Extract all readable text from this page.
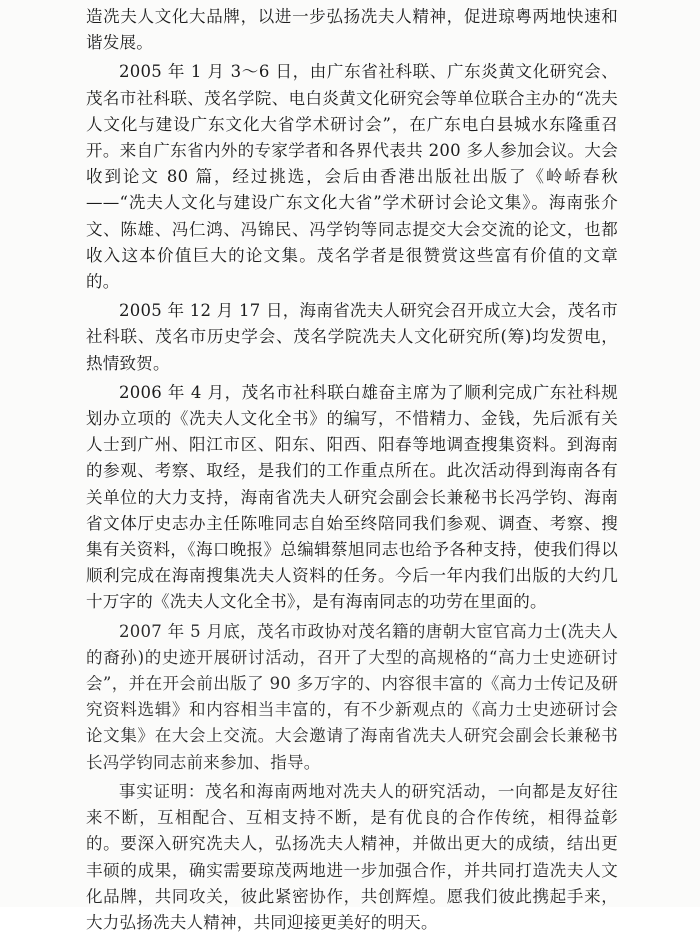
造冼夫人文化大品牌，以进一步弘扬冼夫人精神，促进琼粤两地快速和谐发展。

2005 年 1 月 3～6 日，由广东省社科联、广东炎黄文化研究会、茂名市社科联、茂名学院、电白炎黄文化研究会等单位联合主办的“冼夫人文化与建设广东文化大省学术研讨会”，在广东电白县城水东隆重召开。来自广东省内外的专家学者和各界代表共 200 多人参加会议。大会收到论文 80 篇，经过挑选，会后由香港出版社出版了《岭峤春秋——“冼夫人文化与建设广东文化大省”学术研讨会论文集》。海南张介文、陈雄、冯仁鸿、冯锦民、冯学钧等同志提交大会交流的论文，也都收入这本价值巨大的论文集。茂名学者是很赞赏这些富有价值的文章的。

2005 年 12 月 17 日，海南省冼夫人研究会召开成立大会，茂名市社科联、茂名市历史学会、茂名学院冼夫人文化研究所(筹)均发贺电，热情致贺。

2006 年 4 月，茂名市社科联白雄奋主席为了顺利完成广东社科规划办立项的《冼夫人文化全书》的编写，不惜精力、金钱，先后派有关人士到广州、阳江市区、阳东、阳西、阳春等地调查搜集资料。到海南的参观、考察、取经，是我们的工作重点所在。此次活动得到海南各有关单位的大力支持，海南省冼夫人研究会副会长兼秘书长冯学钧、海南省文体厅史志办主任陈唯同志自始至终陪同我们参观、调查、考察、搜集有关资料，《海口晚报》总编辑蔡旭同志也给予各种支持，使我们得以顺利完成在海南搜集冼夫人资料的任务。今后一年内我们出版的大约几十万字的《冼夫人文化全书》，是有海南同志的功劳在里面的。

2007 年 5 月底，茂名市政协对茂名籍的唐朝大宦官高力士(冼夫人的裔孙)的史迹开展研讨活动，召开了大型的高规格的“高力士史迹研讨会”，并在开会前出版了 90 多万字的、内容很丰富的《高力士传记及研究资料选辑》和内容相当丰富的，有不少新观点的《高力士史迹研讨会论文集》在大会上交流。大会邀请了海南省冼夫人研究会副会长兼秘书长冯学钧同志前来参加、指导。

事实证明：茂名和海南两地对冼夫人的研究活动，一向都是友好往来不断，互相配合、互相支持不断，是有优良的合作传统，相得益彰的。要深入研究冼夫人，弘扬冼夫人精神，并做出更大的成绩，结出更丰硕的成果，确实需要琼茂两地进一步加强合作，并共同打造冼夫人文化品牌，共同攻关，彼此紧密协作，共创辉煌。愿我们彼此携起手来，大力弘扬冼夫人精神，共同迎接更美好的明天。
